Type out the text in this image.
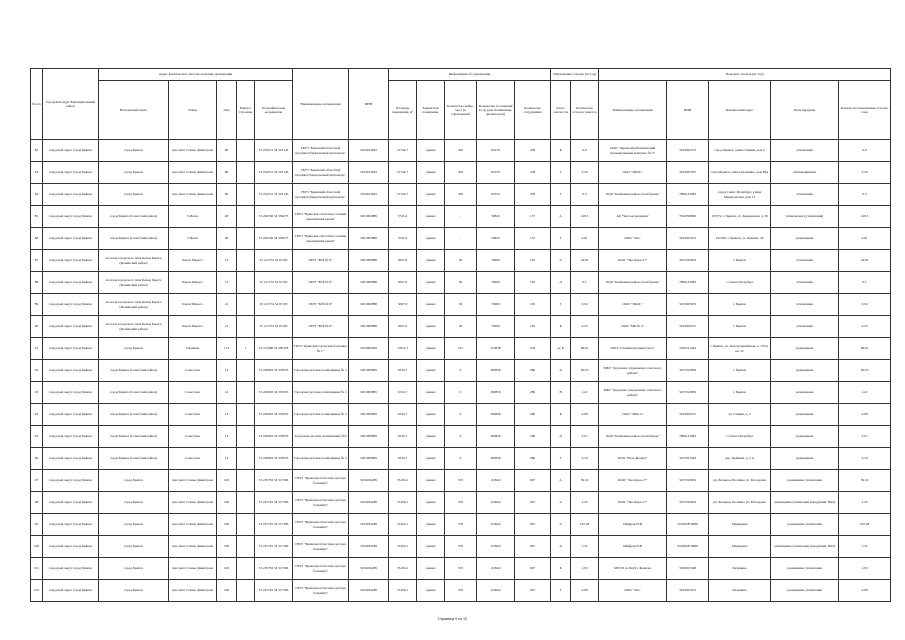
№ п/п	Городской округ/Муниципальный район	Адрес фактического местоположения организации					Наименование организации	ИНН	Информация об учреждении					Образование отходов (m /год)		Передача отходов (m /год)				
		Населенный пункт	Улица	Дом	Корпус/ Строение	Географические координаты			Площадь помещения, м²	Здание или помещение	Количество койко-мест (в учреждении)	Количество посещений в год (для поликлиник, диспансеров)	Количество сотрудников	Класс опасности	Количество отходов тонн/год	Наименование организации	ИНН	Фактический адрес	Цель передачи	Количество переданных отходов, тонн
82	городской округ город Брянск	город Брянск	проспект Станке Димитрова	80		53 254551 34 323145	ГБУЗ "Брянский областной противотуберкулезный диспансер"	3234015843	27144,7	здание	450	91070	478	Б	0,6	ООО "Деревообрабатывающий промышленный комплекс № 2"	3234004373	город Брянск, улица Глинки, дом 2	утилизация	0,6
83	городской округ город Брянск	город Брянск	проспект Станке Димитрова	80		53 254551 34 323145	ГБУЗ "Брянский областной противотуберкулезный диспансер"	3234015843	27144,7	здание	450	91070	478	Г	0,56	ООО "ЭКОС"	3232007935	город Брянск, улица Калинина, дом 89А	обезвреживание	0,56
84	городской округ город Брянск	город Брянск	проспект Станке Димитрова	80		53 254551 34 323145	ГБУЗ "Брянский областной противотуберкулезный диспансер"	3234015843	27144,7	здание	450	91070	478	Г	0,3	ООО "Компания рынок хлопобраны"	7806141082	город Санкт-Петербург, улица Минеральная, дом 13	утилизация	0,3
85	городской округ город Брянск	город Брянск (Советский район)	5 Июля	48		53 262536 34 356073	ГБУЗ "Брянская областная станция переливания крови"	3201002889	3741,6	здание	-	50843	137	А	128,5	АО "Чистые решения"	7816595806	197372, г. Брянск, ул. Краденкова, д. 39	техническое (утилизация)	128,5
86	городской округ город Брянск	город Брянск (Советский район)	5 Июля	48		53 262536 34 356073	ГБУЗ "Брянская областная станция переливания крови"	3201002889	3741,6	здание	-	50843	137	Г	0,01	ООО "Эко"	3233007015	241050, г. Брянск, ул. Фокина, 36	размещение	0,01
87	городской округ город Брянск	поселок городского типа Белые Берега (Фокинский район)	Карла Маркса	12		53 211574 34 67193	ГБУЗ "БГБ № 8"	3201000888	5007,9	здание	50	76000	165	А	44,81	ООО "Экосфера-17"	3257019954	г. Брянск	утилизация	44,81
88	городской округ город Брянск	поселок городского типа Белые Берега (Фокинский район)	Карла Маркса	12		53 211574 34 67193	ГБУЗ "БГБ № 8"	3201000888	5007,9	здание	50	76000	165	Д	0,1	ООО "Компания рынок хлопобраны"	7806141082	г. Санкт-Петербург	утилизация	0,1
89	городской округ город Брянск	поселок городского типа Белые Берега (Фокинский район)	Карла Маркса	12		53 211574 34 67193	ГБУЗ "БГБ № 8"	3201000888	5007,9	здание	50	76000	165	Г	0,02	ООО "ЭКОС"	3232007935	г. Брянск	утилизация	0,02
90	городской округ город Брянск	поселок городского типа Белые Берега (Фокинский район)	Карла Маркса	12		53 211574 34 67193	ГБУЗ "БГБ № 8"	3201000888	5007,9	здание	50	76000	165	Б	0,25	ООО "МК № 2"	3234004375	г. Брянск	утилизация	0,25
91	городской округ город Брянск	город Брянск	Ульянова	113	1	53 313488 34 285378	ГБУЗ "Брянская городская больница № 1"	3232000950	17811,3	здание	215	322838	519	А, Б	66,61	ООО "Специнтерсервисучета"	3250511444	г. Брянск, ул. Красноармейская, д. 170-в, кв. 52	размещение	66,61
92	городской округ город Брянск	город Брянск (Советский район)	Советская	14		53 248093 34 355953	Городская детская поликлиника № 1	3201000885	6134,7	здание	0	282836	280	А	40,03	МБУ "Дорожное управление советского района"	3257012839	г. Брянск	размещение	40,03
93	городской округ город Брянск	город Брянск (Советский район)	Советская	14		53 248093 34 355953	Городская детская поликлиника № 2	3201000885	6134,7	здание	0	282836	280	В	1,21	МБУ "Дорожное управление советского района"	3257012839	г. Брянск	размещение	1,21
94	городской округ город Брянск	город Брянск (Советский район)	Советская	14		53 248093 34 355953	Городская детская поликлиника № 3	3201000885	6134,7	здание	0	282836	280	Б	0,08	ООО "ЭПК-2"	3234004375	ул. Глинки, д. 2	размещение	0,08
95	городской округ город Брянск	город Брянск (Советский район)	Советская	14		53 248093 34 355953	Городская детская поликлиника №2	3201000885	6134,7	здание	0	282836	280	Д	0,07	ООО "Компания рынок хлопобраны"	7806141082	г. Санкт-Петербург	размещение	0,07
96	городской округ город Брянск	город Брянск (Советский район)	Советская	14		53 248093 34 355953	Городская детская поликлиника № 2	3201000885	6134,7	здание	0	282836	280	Г	0,19	ООО "Втор-Бромет"	3257021592	пер. Крайняя, д. 2 А	размещение	0,19
97	городской округ город Брянск	город Брянск	проспект Станке Димитрова	100		53 225781 34 317396	ГБУЗ "Брянская областная детская больница"	3234034289	35100,1	здание	570	119942	907	А	59,32	ООО "Экосфера-17"	3257019954	рп. Большое Полпино ул. Молодежи	размещение утилизация	59,32
98	городской округ город Брянск	город Брянск	проспект Станке Димитрова	100		53 225781 34 317396	ГБУЗ "Брянская областная детская больница"	3234034289	35100,1	здание	570	119942	907	А	2,45	ООО "Экосфера-17"	3257019954	рп. Большое Полпино ул. Молодежи	размещение утилизация (продукция ТКО)	2,45
99	городской округ город Брянск	город Брянск	проспект Станке Димитрова	100		53 225781 34 317396	ГБУЗ "Брянская областная детская больница"	3234034289	35100,1	здание	570	119942	907	А	187,28	Шафран Н.В	323202874689	Медведева	размещение утилизация	187,28
100	городской округ город Брянск	город Брянск	проспект Станке Димитрова	100		53 225781 34 317396	ГБУЗ "Брянская областная детская больница"	3234034289	35100,1	здание	570	119942	907	А	7,35	Шафран Н.В	323202874689	Медведева	размещение утилизация (продукция ТКО)	7,35
101	городской округ город Брянск	город Брянск	проспект Станке Димитрова	100		53 225781 34 317396	ГБУЗ "Брянская областная детская больница"	3234034289	35100,1	здание	570	119942	907	Б	1,93	МУСП по БОД г. Брянска	3200001348	Калинина	размещение утилизация	1,93
102	городской округ город Брянск	город Брянск	проспект Станке Димитрова	100		53 225781 34 317396	ГБУЗ "Брянская областная детская больница"	3234034289	35100,1	здание	570	119942	907	Г	0,08	ООО "Эко"	3233007015	Калинина	размещение утилизация	0,08
Страница 6 из 12
